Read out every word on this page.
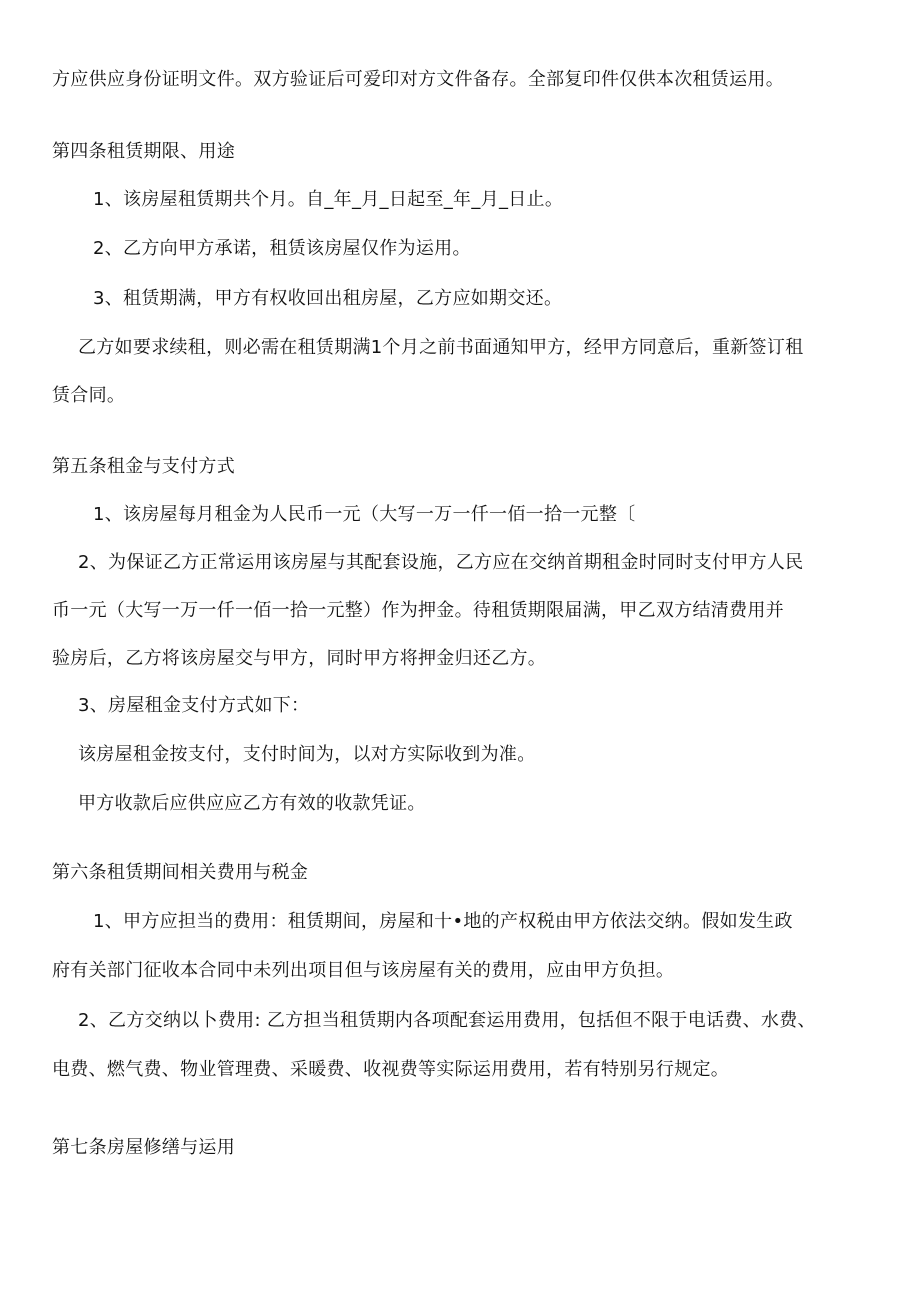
方应供应身份证明文件。双方验证后可爱印对方文件备存。全部复印件仅供本次租赁运用。
第四条租赁期限、用途
1、该房屋租赁期共个月。自_年_月_日起至_年_月_日止。
2、乙方向甲方承诺，租赁该房屋仅作为运用。
3、租赁期满，甲方有权收回出租房屋，乙方应如期交还。
乙方如要求续租，则必需在租赁期满1个月之前书面通知甲方，经甲方同意后，重新签订租
赁合同。
第五条租金与支付方式
1、该房屋每月租金为人民币一元（大写一万一仟一佰一拾一元整〔
2、为保证乙方正常运用该房屋与其配套设施，乙方应在交纳首期租金时同时支付甲方人民
币一元（大写一万一仟一佰一拾一元整）作为押金。待租赁期限届满，甲乙双方结清费用并
验房后，乙方将该房屋交与甲方，同时甲方将押金归还乙方。
3、房屋租金支付方式如下：
该房屋租金按支付，支付时间为，以对方实际收到为准。
甲方收款后应供应应乙方有效的收款凭证。
第六条租赁期间相关费用与税金
1、甲方应担当的费用：租赁期间，房屋和十•地的产权税由甲方依法交纳。假如发生政
府有关部门征收本合同中未列出项目但与该房屋有关的费用，应由甲方负担。
2、乙方交纳以卜费用: 乙方担当租赁期内各项配套运用费用，包括但不限于电话费、水费、
电费、燃气费、物业管理费、采暖费、收视费等实际运用费用，若有特别另行规定。
第七条房屋修缮与运用
